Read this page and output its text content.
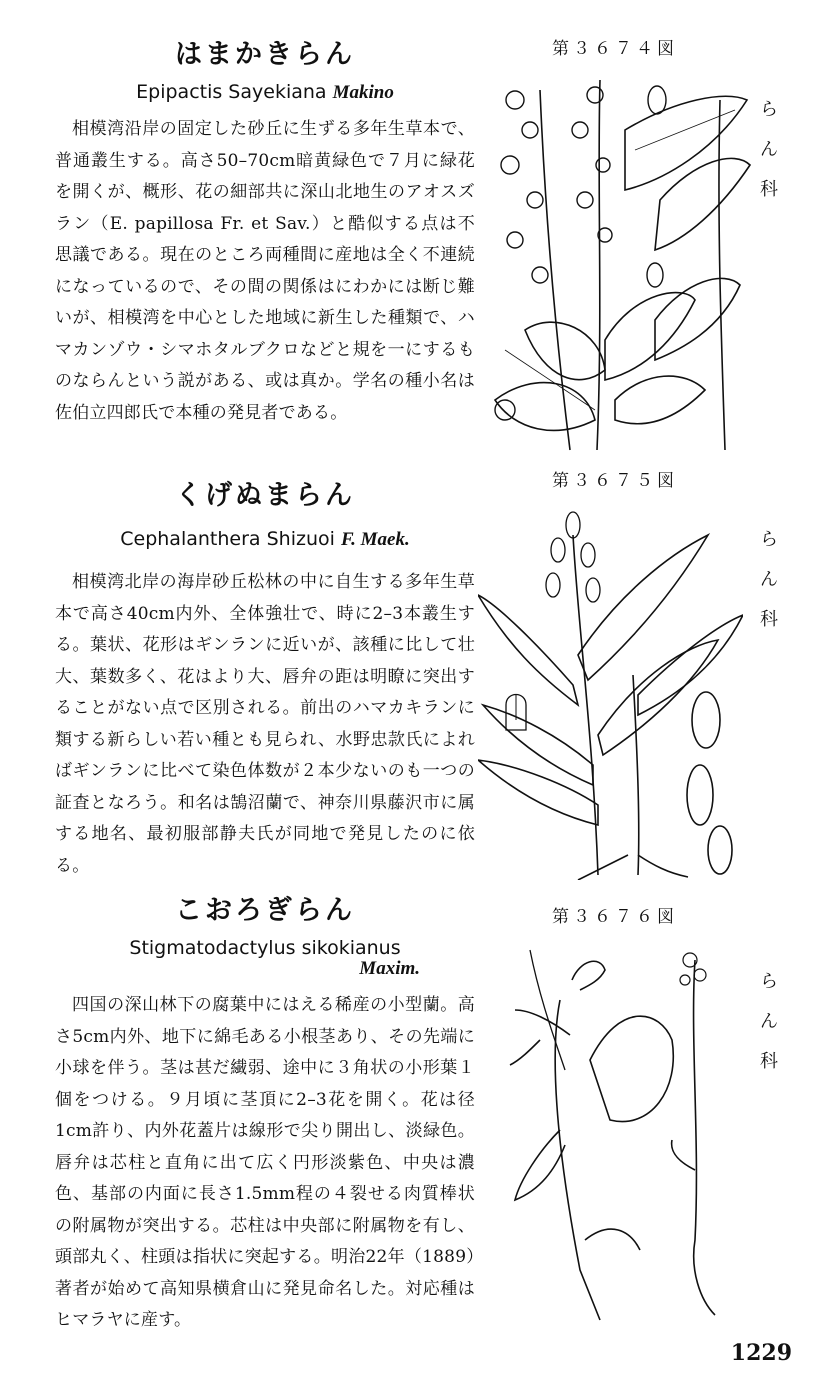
はまかきらん
Epipactis Sayekiana Makino

相模湾沿岸の固定した砂丘に生ずる多年生草本で、普通叢生する。高さ50–70cm暗黄緑色で７月に緑花を開くが、概形、花の細部共に深山北地生のアオスズラン（E. papillosa Fr. et Sav.）と酷似する点は不思議である。現在のところ両種間に産地は全く不連続になっているので、その間の関係はにわかには断じ難いが、相模湾を中心とした地域に新生した種類で、ハマカンゾウ・シマホタルブクロなどと規を一にするものならんという説がある、或は真か。学名の種小名は佐伯立四郎氏で本種の発見者である。

くげぬまらん
Cephalanthera Shizuoi F. Maek.

相模湾北岸の海岸砂丘松林の中に自生する多年生草本で高さ40cm内外、全体強壮で、時に2–3本叢生する。葉状、花形はギンランに近いが、該種に比して壮大、葉数多く、花はより大、唇弁の距は明瞭に突出することがない点で区別される。前出のハマカキランに類する新らしい若い種とも見られ、水野忠款氏によればギンランに比べて染色体数が２本少ないのも一つの証査となろう。和名は鵠沼蘭で、神奈川県藤沢市に属する地名、最初服部静夫氏が同地で発見したのに依る。

こおろぎらん
Stigmatodactylus sikokianus
Maxim.

四国の深山林下の腐葉中にはえる稀産の小型蘭。高さ5cm内外、地下に綿毛ある小根茎あり、その先端に小球を伴う。茎は甚だ繊弱、途中に３角状の小形葉１個をつける。９月頃に茎頂に2–3花を開く。花は径1cm許り、内外花蓋片は線形で尖り開出し、淡緑色。唇弁は芯柱と直角に出て広く円形淡紫色、中央は濃色、基部の内面に長さ1.5mm程の４裂せる肉質棒状の附属物が突出する。芯柱は中央部に附属物を有し、頭部丸く、柱頭は指状に突起する。明治22年（1889）著者が始めて高知県横倉山に発見命名した。対応種はヒマラヤに産す。

第３６７４図
第３６７５図
第３６７６図
ら
ん
科
ら
ん
科
ら
ん
科
1229
